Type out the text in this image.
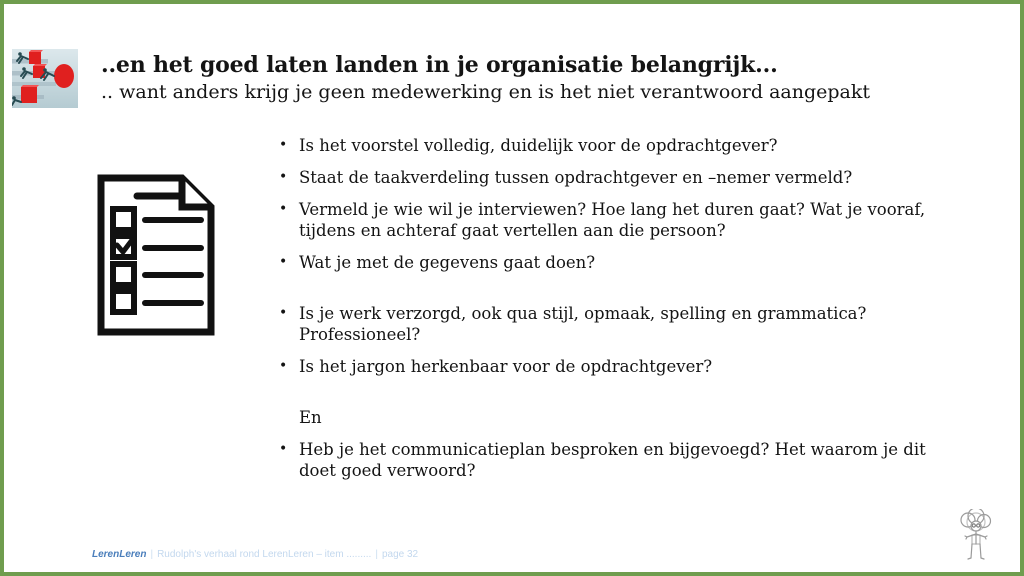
..en het goed laten landen in je organisatie belangrijk...
.. want anders krijg je geen medewerking en is het niet verantwoord aangepakt
• Is het voorstel volledig, duidelijk voor de opdrachtgever?
• Staat de taakverdeling tussen opdrachtgever en –nemer vermeld?
• Vermeld je wie wil je interviewen? Hoe lang het duren gaat? Wat je vooraf, tijdens en achteraf gaat vertellen aan die persoon?
• Wat je met de gegevens gaat doen?
• Is je werk verzorgd, ook qua stijl, opmaak, spelling en grammatica? Professioneel?
• Is het jargon herkenbaar voor de opdrachtgever?
En
• Heb je het communicatieplan besproken en bijgevoegd? Het waarom je dit doet goed verwoord?
LerenLeren | Rudolph's verhaal rond LerenLeren – item ......... | page 32
